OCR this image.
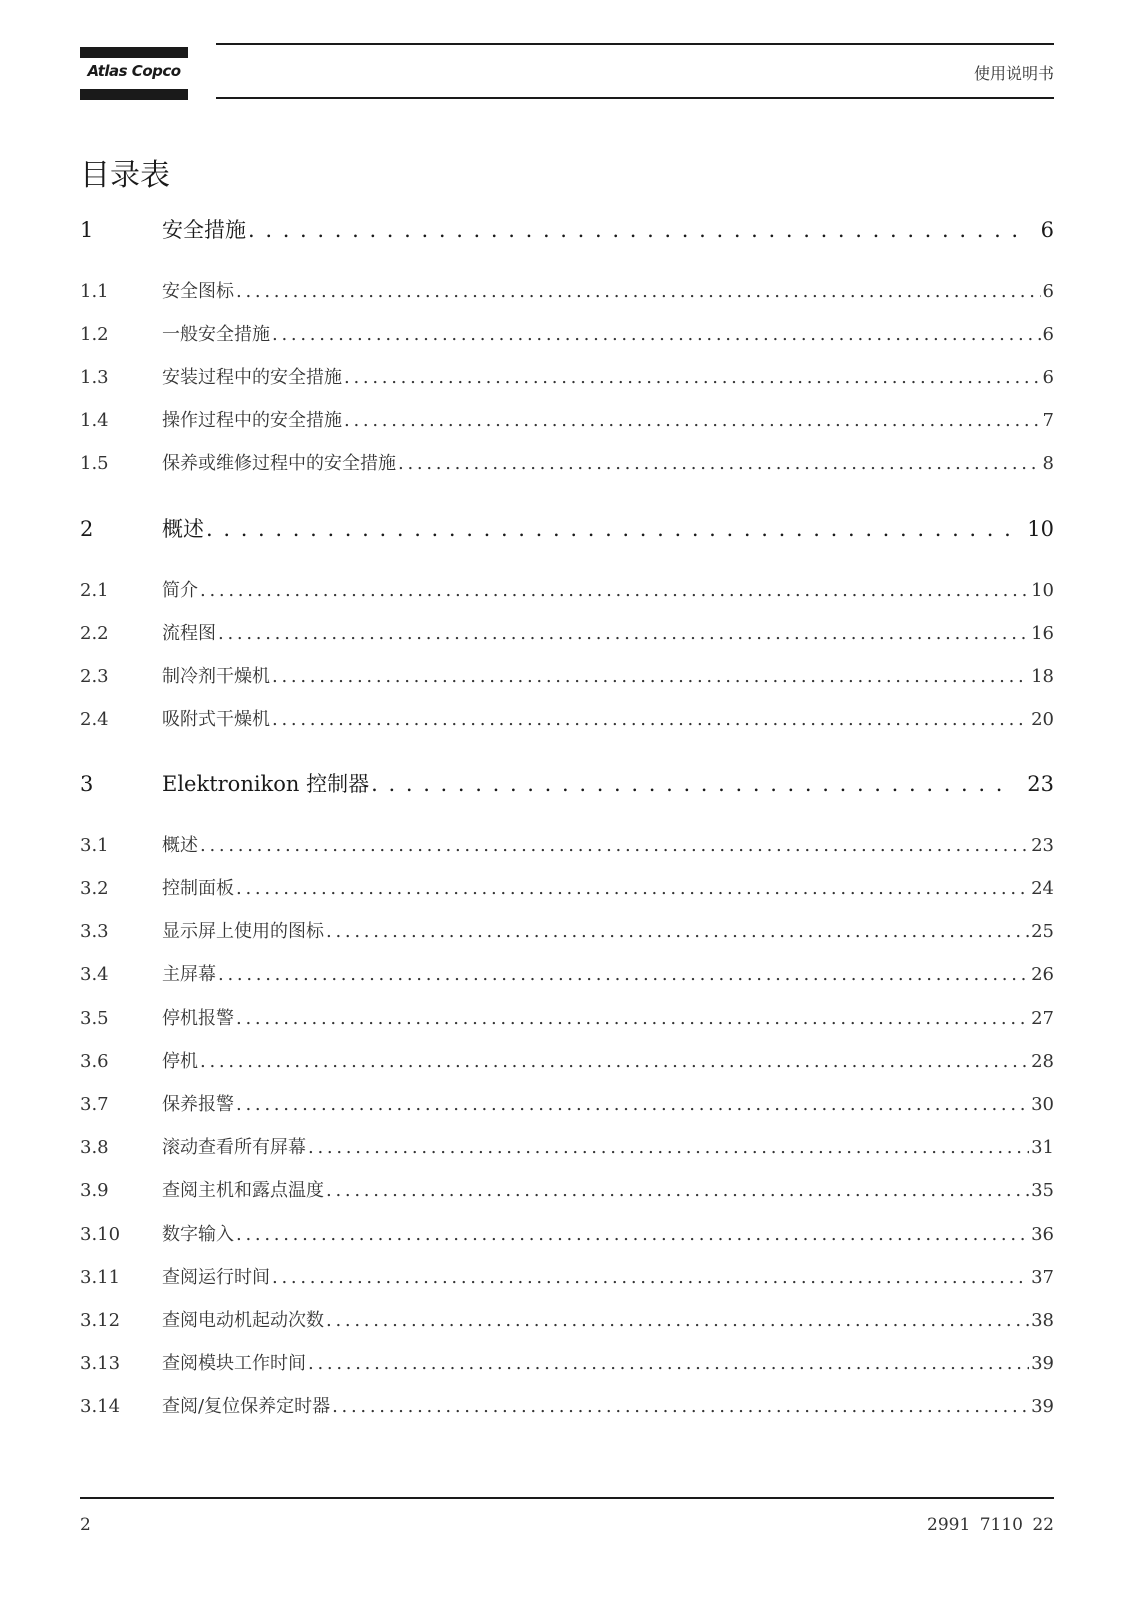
Atlas Copco	使用说明书
目录表
1	安全措施 . . .	6
1.1	安全图标 . . .	6
1.2	一般安全措施 . . .	6
1.3	安装过程中的安全措施 . . .	6
1.4	操作过程中的安全措施 . . .	7
1.5	保养或维修过程中的安全措施 . . .	8
2	概述 . . .	10
2.1	简介 . . .	10
2.2	流程图 . . .	16
2.3	制冷剂干燥机 . . .	18
2.4	吸附式干燥机 . . .	20
3	Elektronikon 控制器 . . .	23
3.1	概述 . . .	23
3.2	控制面板 . . .	24
3.3	显示屏上使用的图标 . . .	25
3.4	主屏幕 . . .	26
3.5	停机报警 . . .	27
3.6	停机 . . .	28
3.7	保养报警 . . .	30
3.8	滚动查看所有屏幕 . . .	31
3.9	查阅主机和露点温度 . . .	35
3.10	数字输入 . . .	36
3.11	查阅运行时间 . . .	37
3.12	查阅电动机起动次数 . . .	38
3.13	查阅模块工作时间 . . .	39
3.14	查阅/复位保养定时器 . . .	39
2	2991 7110 22
